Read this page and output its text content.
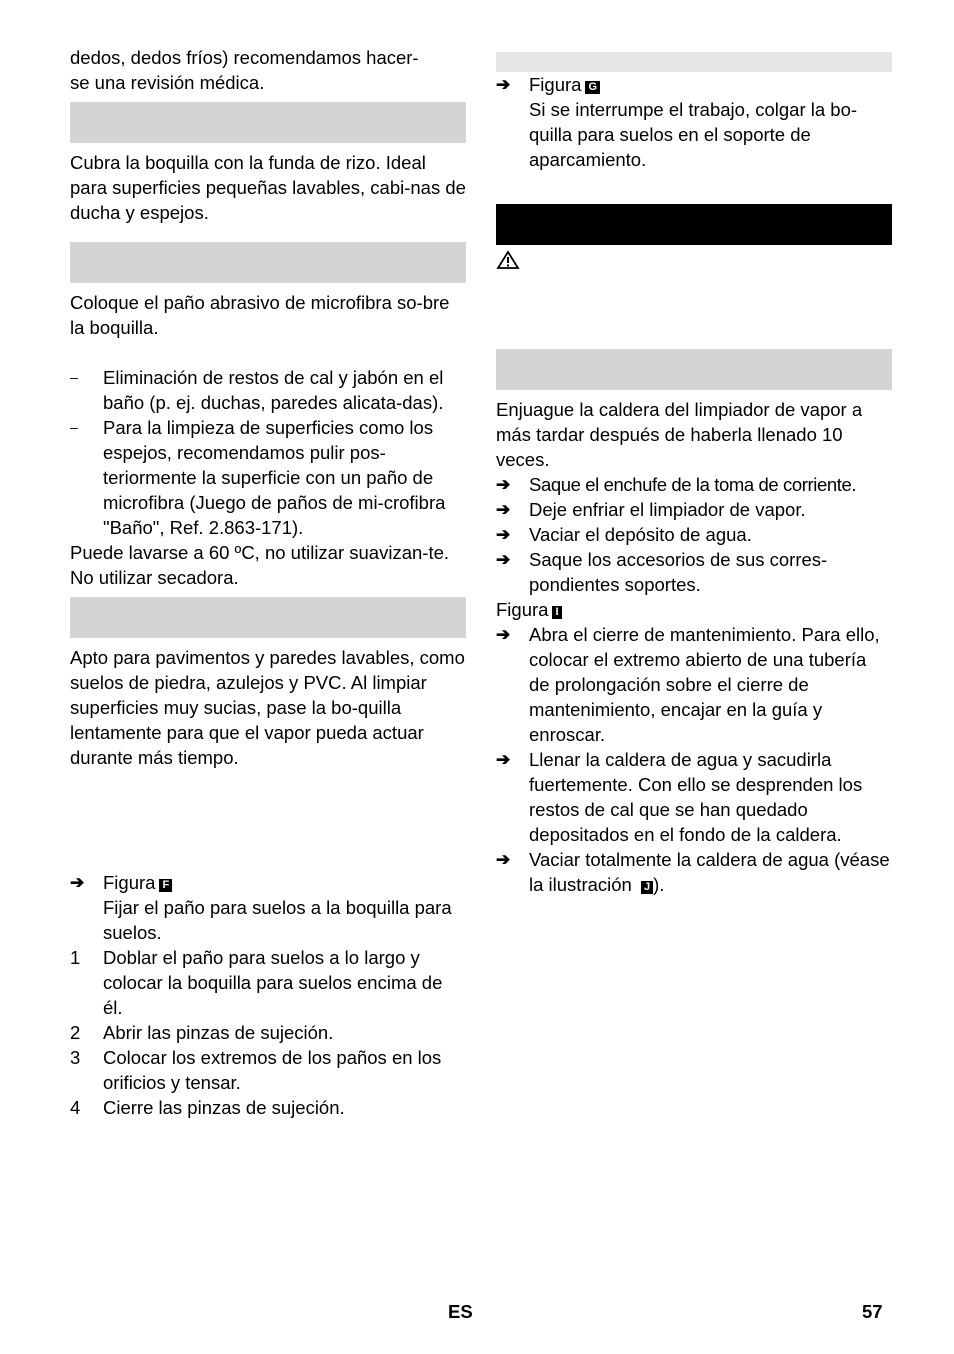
dedos, dedos fríos) recomendamos hacer-

se una revisión médica.

Cubra la boquilla con la funda de rizo. Ideal para superficies pequeñas lavables, cabi-nas de ducha y espejos.

Coloque el paño abrasivo de microfibra so-bre la boquilla.

–	Eliminación de restos de cal y jabón en el baño (p. ej. duchas, paredes alicata-das).
–	Para la limpieza de superficies como los espejos, recomendamos pulir pos-teriormente la superficie con un paño de microfibra (Juego de paños de mi-crofibra "Baño", Ref. 2.863-171).

Puede lavarse a 60 ºC, no utilizar suavizan-te. No utilizar secadora.

Apto para pavimentos y paredes lavables, como suelos de piedra, azulejos y PVC. Al limpiar superficies muy sucias, pase la bo-quilla lentamente para que el vapor pueda actuar durante más tiempo.

➔	Figura F
Fijar el paño para suelos a la boquilla para suelos.
1	Doblar el paño para suelos a lo largo y colocar la boquilla para suelos encima de él.
2	Abrir las pinzas de sujeción.
3	Colocar los extremos de los paños en los orificios y tensar.
4	Cierre las pinzas de sujeción.
➔	Figura G
Si se interrumpe el trabajo, colgar la bo-quilla para suelos en el soporte de aparcamiento.

Enjuague la caldera del limpiador de vapor a más tardar después de haberla llenado 10 veces.

➔	Saque el enchufe de la toma de corriente.
➔	Deje enfriar el limpiador de vapor.
➔	Vaciar el depósito de agua.
➔	Saque los accesorios de sus corres-pondientes soportes.

Figura I

➔	Abra el cierre de mantenimiento. Para ello, colocar el extremo abierto de una tubería de prolongación sobre el cierre de mantenimiento, encajar en la guía y enroscar.
➔	Llenar la caldera de agua y sacudirla fuertemente. Con ello se desprenden los restos de cal que se han quedado depositados en el fondo de la caldera.
➔	Vaciar totalmente la caldera de agua (véase la ilustración J ).
ES	57
